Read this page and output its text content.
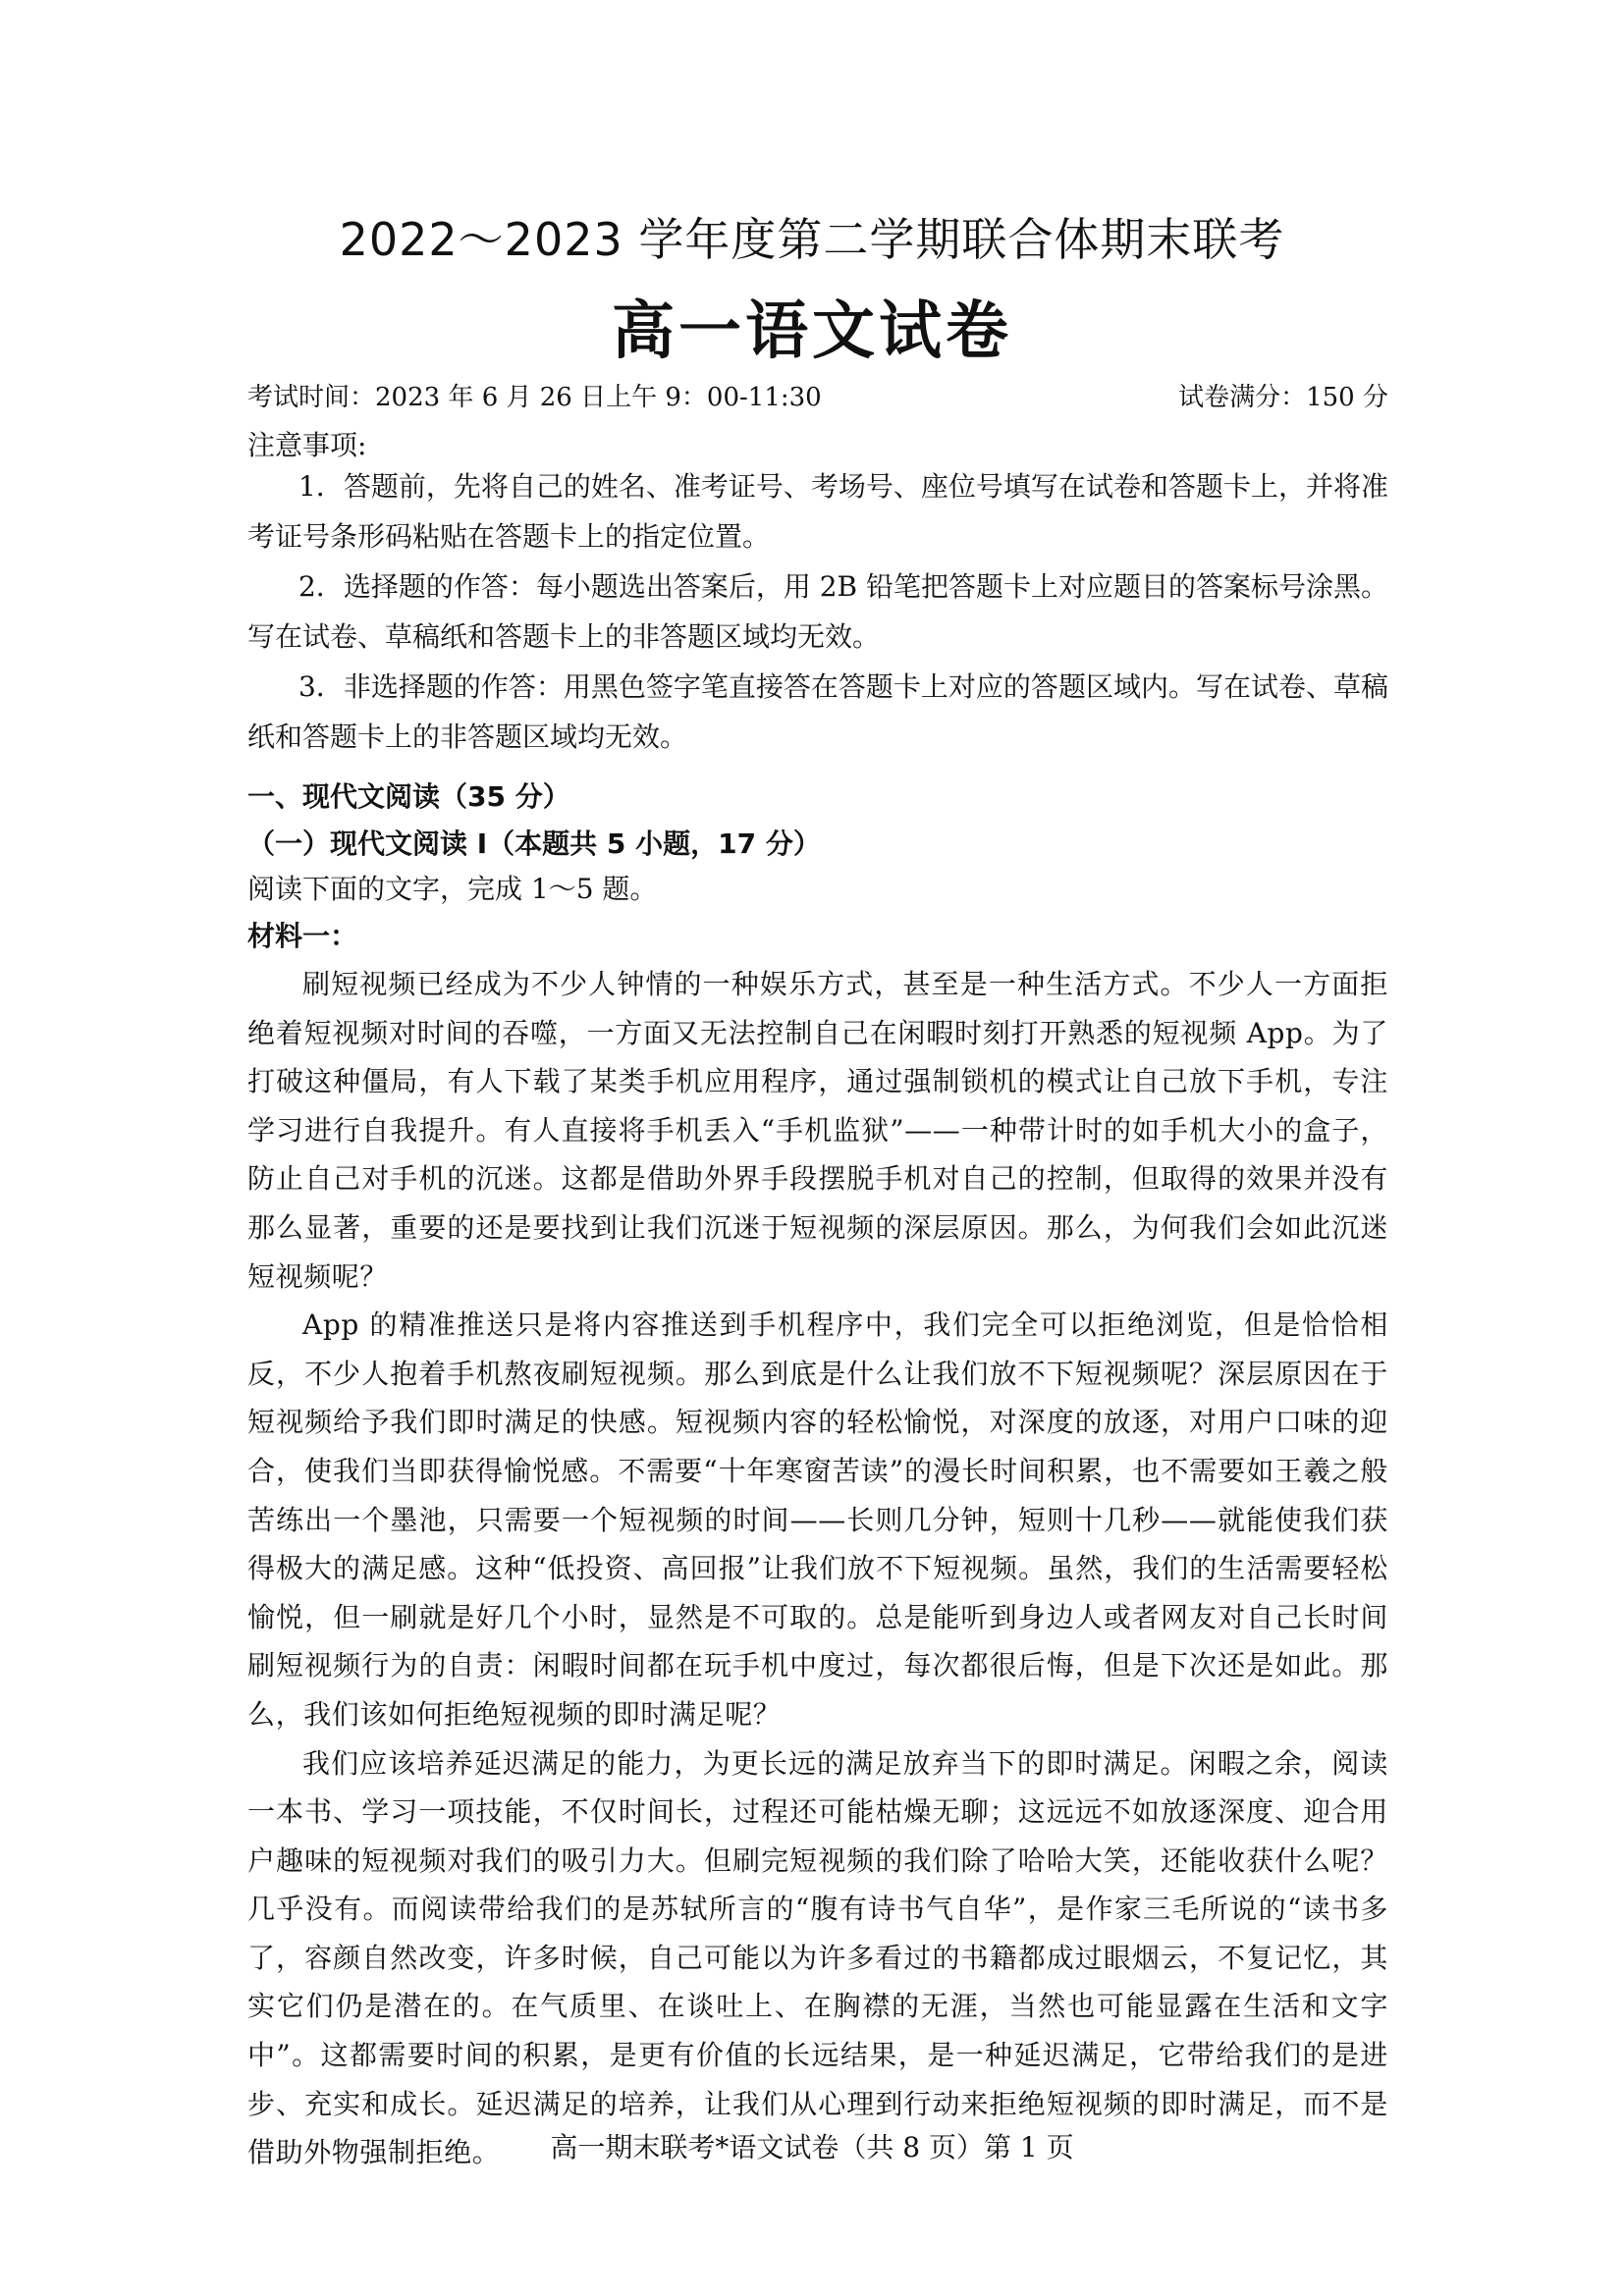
2022～2023 学年度第二学期联合体期末联考
高一语文试卷
考试时间：2023 年 6 月 26 日上午 9：00-11:30	试卷满分：150 分
注意事项:

1．答题前，先将自己的姓名、准考证号、考场号、座位号填写在试卷和答题卡上，并将准考证号条形码粘贴在答题卡上的指定位置。

2．选择题的作答：每小题选出答案后，用 2B 铅笔把答题卡上对应题目的答案标号涂黑。写在试卷、草稿纸和答题卡上的非答题区域均无效。

3．非选择题的作答：用黑色签字笔直接答在答题卡上对应的答题区域内。写在试卷、草稿纸和答题卡上的非答题区域均无效。

一、现代文阅读（35 分）
（一）现代文阅读 I（本题共 5 小题，17 分）
阅读下面的文字，完成 1～5 题。
材料一：

刷短视频已经成为不少人钟情的一种娱乐方式，甚至是一种生活方式。不少人一方面拒绝着短视频对时间的吞噬，一方面又无法控制自己在闲暇时刻打开熟悉的短视频 App。为了打破这种僵局，有人下载了某类手机应用程序，通过强制锁机的模式让自己放下手机，专注学习进行自我提升。有人直接将手机丢入“手机监狱”——一种带计时的如手机大小的盒子，防止自己对手机的沉迷。这都是借助外界手段摆脱手机对自己的控制，但取得的效果并没有那么显著，重要的还是要找到让我们沉迷于短视频的深层原因。那么，为何我们会如此沉迷短视频呢？

App 的精准推送只是将内容推送到手机程序中，我们完全可以拒绝浏览，但是恰恰相反，不少人抱着手机熬夜刷短视频。那么到底是什么让我们放不下短视频呢？深层原因在于短视频给予我们即时满足的快感。短视频内容的轻松愉悦，对深度的放逐，对用户口味的迎合，使我们当即获得愉悦感。不需要“十年寒窗苦读”的漫长时间积累，也不需要如王羲之般苦练出一个墨池，只需要一个短视频的时间——长则几分钟，短则十几秒——就能使我们获得极大的满足感。这种“低投资、高回报”让我们放不下短视频。虽然，我们的生活需要轻松愉悦，但一刷就是好几个小时，显然是不可取的。总是能听到身边人或者网友对自己长时间刷短视频行为的自责：闲暇时间都在玩手机中度过，每次都很后悔，但是下次还是如此。那么，我们该如何拒绝短视频的即时满足呢？

我们应该培养延迟满足的能力，为更长远的满足放弃当下的即时满足。闲暇之余，阅读一本书、学习一项技能，不仅时间长，过程还可能枯燥无聊；这远远不如放逐深度、迎合用户趣味的短视频对我们的吸引力大。但刷完短视频的我们除了哈哈大笑，还能收获什么呢？几乎没有。而阅读带给我们的是苏轼所言的“腹有诗书气自华”，是作家三毛所说的“读书多了，容颜自然改变，许多时候，自己可能以为许多看过的书籍都成过眼烟云，不复记忆，其实它们仍是潜在的。在气质里、在谈吐上、在胸襟的无涯，当然也可能显露在生活和文字中”。这都需要时间的积累，是更有价值的长远结果，是一种延迟满足，它带给我们的是进步、充实和成长。延迟满足的培养，让我们从心理到行动来拒绝短视频的即时满足，而不是借助外物强制拒绝。	高一期末联考*语文试卷（共 8 页）第 1 页
